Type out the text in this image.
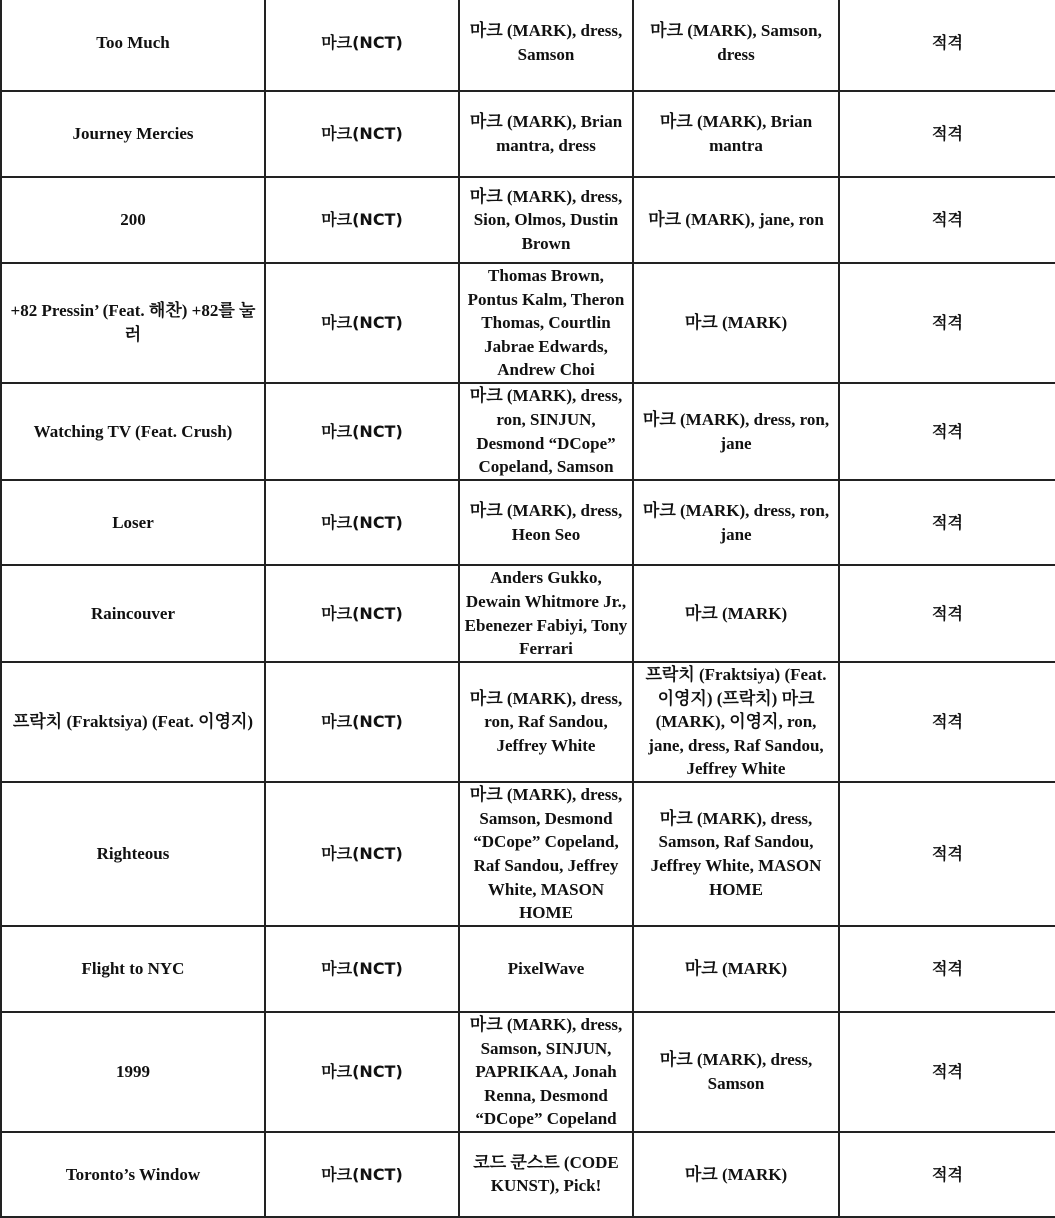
Too Much	마크(NCT)	마크 (MARK), dress, Samson	마크 (MARK), Samson, dress	적격
Journey Mercies	마크(NCT)	마크 (MARK), Brian mantra, dress	마크 (MARK), Brian mantra	적격
200	마크(NCT)	마크 (MARK), dress, Sion, Olmos, Dustin Brown	마크 (MARK), jane, ron	적격
+82 Pressin’ (Feat. 해찬) +82를 눌러	마크(NCT)	Thomas Brown, Pontus Kalm, Theron Thomas, Courtlin Jabrae Edwards, Andrew Choi	마크 (MARK)	적격
Watching TV (Feat. Crush)	마크(NCT)	마크 (MARK), dress, ron, SINJUN, Desmond “DCope” Copeland, Samson	마크 (MARK), dress, ron, jane	적격
Loser	마크(NCT)	마크 (MARK), dress, Heon Seo	마크 (MARK), dress, ron, jane	적격
Raincouver	마크(NCT)	Anders Gukko, Dewain Whitmore Jr., Ebenezer Fabiyi, Tony Ferrari	마크 (MARK)	적격
프락치 (Fraktsiya) (Feat. 이영지)	마크(NCT)	마크 (MARK), dress, ron, Raf Sandou, Jeffrey White	프락치 (Fraktsiya) (Feat. 이영지) (프락치) 마크 (MARK), 이영지, ron, jane, dress, Raf Sandou, Jeffrey White	적격
Righteous	마크(NCT)	마크 (MARK), dress, Samson, Desmond “DCope” Copeland, Raf Sandou, Jeffrey White, MASON HOME	마크 (MARK), dress, Samson, Raf Sandou, Jeffrey White, MASON HOME	적격
Flight to NYC	마크(NCT)	PixelWave	마크 (MARK)	적격
1999	마크(NCT)	마크 (MARK), dress, Samson, SINJUN, PAPRIKAA, Jonah Renna, Desmond “DCope” Copeland	마크 (MARK), dress, Samson	적격
Toronto’s Window	마크(NCT)	코드 쿤스트 (CODE KUNST), Pick!	마크 (MARK)	적격
